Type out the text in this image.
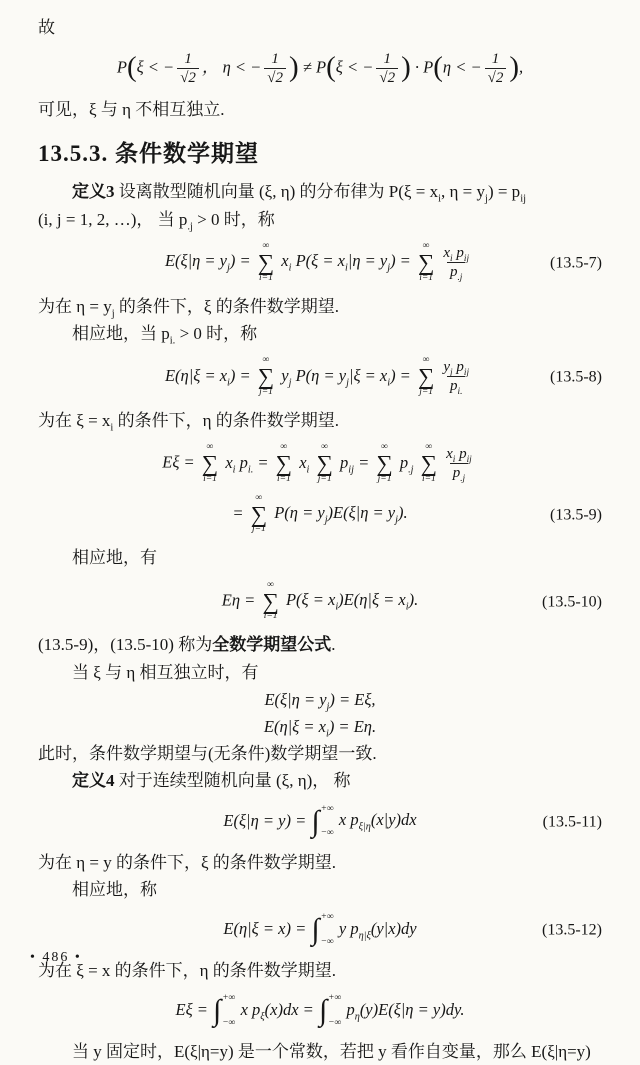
故
P(ξ < − $\frac{1}{√2}$ ， η < − $\frac{1}{√2}$ ) ≠ P(ξ < − $\frac{1}{√2}$ ) · P(η < − $\frac{1}{√2}$ ),
可见，ξ 与 η 不相互独立.
13.5.3. 条件数学期望
定义3 设离散型随机向量 (ξ, η) 的分布律为 $P(\xi = x_i$, $\eta = y_j) = p_{ij}$
(i, j = 1, 2, …)， 当 $p_{.j} > 0$ 时，称
$E(\xi|\eta = y_j)$ =
∞
∑
i=1
$x_i$ $P(\xi = x_i|\eta = y_j)$ =
∞
∑
$i=1 \frac{x_i p_{ij}}{p_{.j}}$	(13.5-7)
为在 $\eta = y_j$ 的条件下，ξ 的条件数学期望.
相应地，当 $p_{i.} > 0$ 时，称
$E(\eta|\xi = x_i)$ =
∞
∑
j=1
$y_j$ $P(\eta = y_j|\xi = x_i)$ =
∞
∑
$j=1 \frac{y_j p_{ij}}{p_{i.}}$	(13.5-8)
为在 $\xi = x_i$ 的条件下，η 的条件数学期望.
Eξ =
∞
∑
i=1
$x_i$ $p_{i.}$ =
∞
∑
i=1
$x_i$
∞
∑
j=1
$p_{ij}$ =
∞
∑
j=1
$p_{.j}$
∞
∑
$i=1 \frac{x_i p_{ij}}{p_{.j}}$
=
∞
∑
j=1
$P(\eta = y_j)E(\xi|\eta = y_j)$.	(13.5-9)
相应地，有
Eη =
∞
∑
i=1
$P(\xi = x_i)E(\eta|\xi = x_i)$.	(13.5-10)
(13.5-9)，(13.5-10) 称为全数学期望公式.
当 ξ 与 η 相互独立时，有
$E(\xi|\eta = y_j) = E\xi$,
$E(\eta|\xi = x_i) = E\eta$.
此时，条件数学期望与(无条件)数学期望一致.
定义4 对于连续型随机向量 (ξ, η)， 称
E(ξ|η = y) = ∫ +∞
−∞
x $p_{\xi|\eta}(x|y)dx$	(13.5-11)
为在 η = y 的条件下，ξ 的条件数学期望.
相应地，称
E(η|ξ = x) = ∫ +∞
−∞
y $p_{\eta|\xi}(y|x)dy$	(13.5-12)
为在 ξ = x 的条件下，η 的条件数学期望.
Eξ = ∫ +∞
−∞
x $p_\xi(x)dx$ = ∫ +∞
−∞
$p_\eta(y)E(\xi|\eta = y)dy$.
当 y 固定时，E(ξ|η=y) 是一个常数，若把 y 看作自变量，那么 E(ξ|η=y)
• 486 •
